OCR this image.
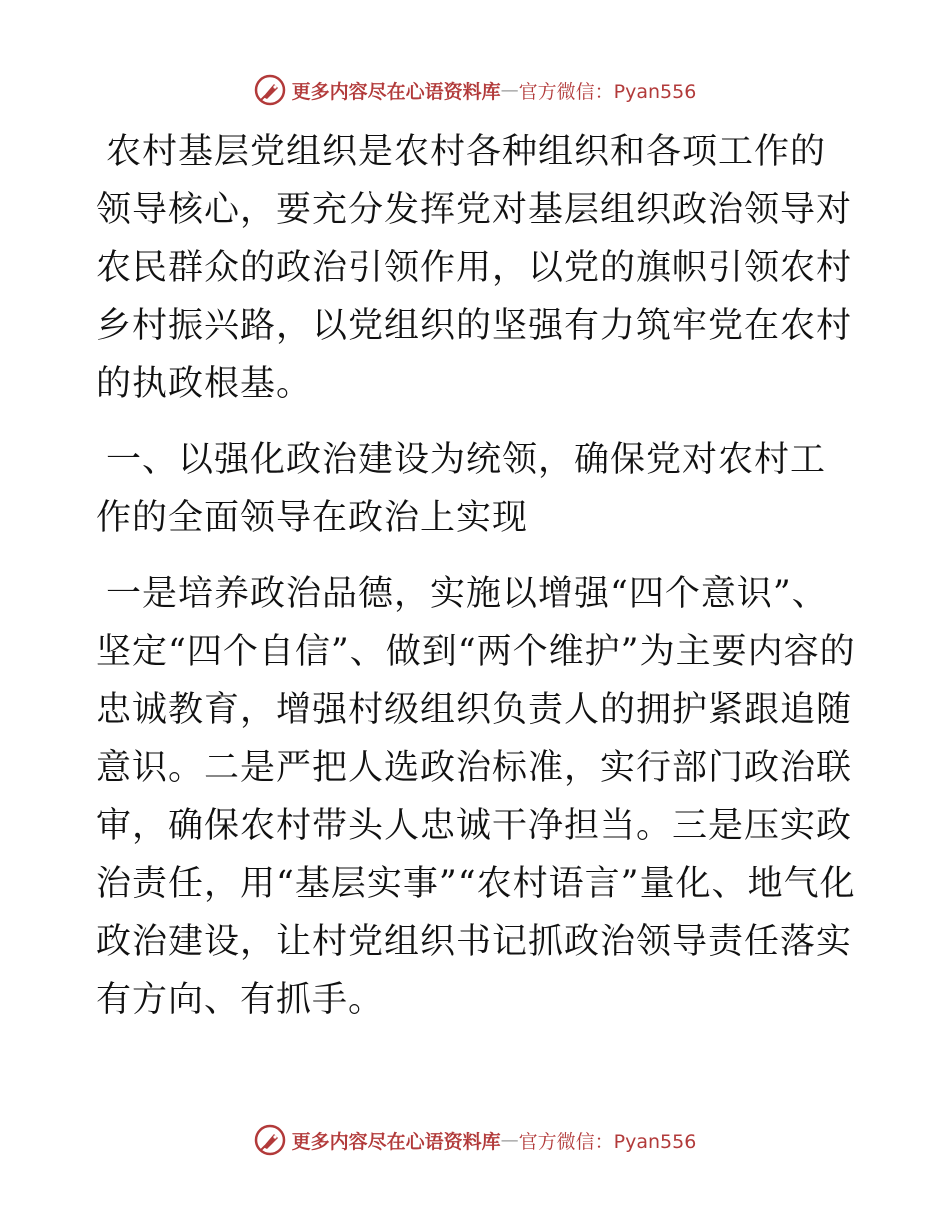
更多内容尽在心语资料库 — 官方微信：Pyan556

农村基层党组织是农村各种组织和各项工作的领导核心，要充分发挥党对基层组织政治领导对农民群众的政治引领作用，以党的旗帜引领农村乡村振兴路，以党组织的坚强有力筑牢党在农村的执政根基。

一、以强化政治建设为统领，确保党对农村工作的全面领导在政治上实现

一是培养政治品德，实施以增强“四个意识”、坚定“四个自信”、做到“两个维护”为主要内容的忠诚教育，增强村级组织负责人的拥护紧跟追随意识。二是严把人选政治标准，实行部门政治联审，确保农村带头人忠诚干净担当。三是压实政治责任，用“基层实事”“农村语言”量化、地气化政治建设，让村党组织书记抓政治领导责任落实有方向、有抓手。

更多内容尽在心语资料库 — 官方微信：Pyan556
